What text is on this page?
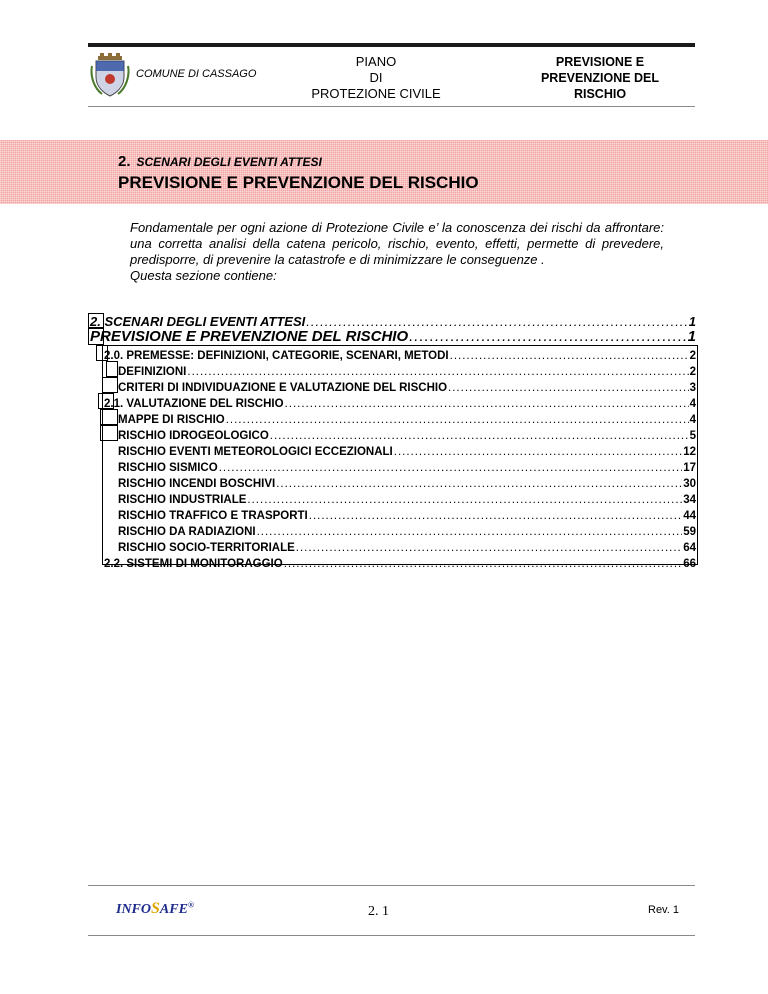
COMUNE DI CASSAGO
PIANO
DI
PROTEZIONE CIVILE
PREVISIONE E
PREVENZIONE DEL
RISCHIO
2. SCENARI DEGLI EVENTI ATTESI
PREVISIONE E PREVENZIONE DEL RISCHIO

Fondamentale per ogni azione di Protezione Civile e’ la conoscenza dei rischi da affrontare: una corretta analisi della catena pericolo, rischio, evento, effetti, permette di prevedere, predisporre, di prevenire la catastrofe e di minimizzare le conseguenze .

Questa sezione contiene:

2. SCENARI DEGLI EVENTI ATTESI .....	1
PREVISIONE E PREVENZIONE DEL RISCHIO .....	1
2.0. PREMESSE: DEFINIZIONI, CATEGORIE, SCENARI, METODI .....	2
DEFINIZIONI .....	2
CRITERI DI INDIVIDUAZIONE E VALUTAZIONE DEL RISCHIO .....	3
2.1. VALUTAZIONE DEL RISCHIO .....	4
MAPPE DI RISCHIO .....	4
RISCHIO IDROGEOLOGICO .....	5
RISCHIO EVENTI METEOROLOGICI ECCEZIONALI .....	12
RISCHIO SISMICO .....	17
RISCHIO INCENDI BOSCHIVI .....	30
RISCHIO INDUSTRIALE .....	34
RISCHIO TRAFFICO E TRASPORTI .....	44
RISCHIO DA RADIAZIONI .....	59
RISCHIO SOCIO-TERRITORIALE .....	64
2.2. SISTEMI DI MONITORAGGIO .....	66
INFOSAFE®	2. 1	Rev. 1
